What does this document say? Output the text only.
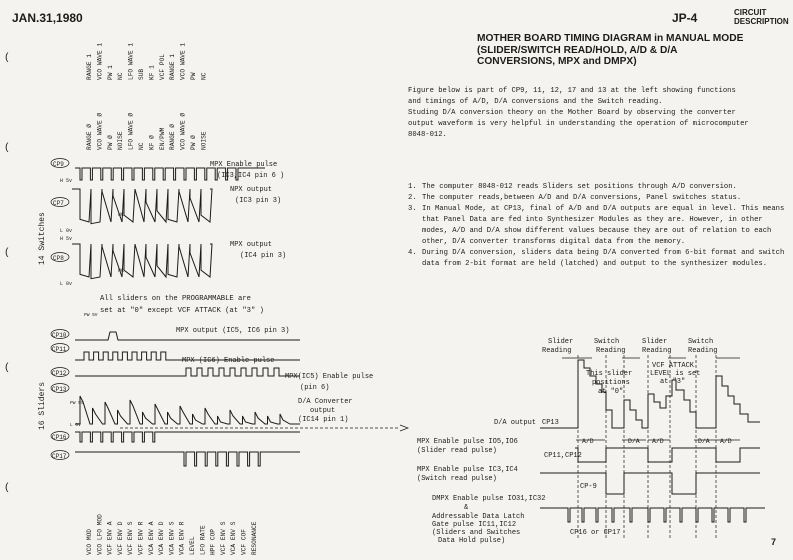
JAN.31,1980	JP-4	CIRCUIT
DESCRIPTION
7
MOTHER BOARD TIMING DIAGRAM in MANUAL MODE
(SLIDER/SWITCH READ/HOLD, A/D & D/A
CONVERSIONS, MPX and DMPX)
Figure below is part of CP9, 11, 12, 17 and 13 at the left showing functions
and timings of A/D, D/A conversions and the Switch reading.
Studing D/A conversion theory on the Mother Board by observing the converter
output waveform is very helpful in understanding the operation of microcomputer
8048-012.
1. The computer 8048-012 reads Sliders set positions through A/D conversion.
2. The computer reads,between A/D and D/A conversions, Panel switches status.
3. In Manual Mode, at CP13, final of A/D and D/A outputs are equal in level. This means that Panel Data are fed into Synthesizer Modules as they are. However, in other modes, A/D and D/A show different values because they are out of relation to each other, D/A converter transforms digital data from the memory.
4. During D/A conversion, sliders data being D/A converted from 6-bit format and switch data from 2-bit format are held (latched) and output to the synthesizer modules.
(
(
(
(
(
RANGE 1 VCO WAVE 1 PW 1 NC LFO WAVE 1 SUB KF 1 VCF POL RANGE 1 VCO WAVE 1 PW NC
RANGE Ø VCO WAVE Ø PW Ø NOISE LFO WAVE Ø NC KF Ø EN/PWM RANGE Ø VCO WAVE Ø PW Ø NOISE
VCO MOD VCO LFO MOD VCF ENV A VCF ENV D VCF ENV S VCF ENV R VCA ENV A VCA ENV D VCA ENV S VCA ENV R LEVEL LFO RATE HPF COP VCF ENV S VCA ENV S VCF COF RESONANCE
14 Switches
16 Sliders
CP9
CP7
CP8
CP10
CP11
CP12
CP13
CP16
CP17
H 5v
L 0v
H 5v
L 0v
PW 5V
PW 5V
L 0V
MPX Enable pulse
(IC3,IC4 pin 6 )
NPX output
(IC3 pin 3)
MPX output
(IC4 pin 3)
NC
NC
All sliders on the PROGRAMMABLE are
set at "0" except VCF ATTACK (at "3" )
MPX output (IC5, IC6 pin 3)
MPX (IC6) Enable pulse
MPX(IC5) Enable pulse
(pin 6)
D/A Converter
output
(IC14 pin 1)
Slider
Reading
Switch
Reading
Slider
Reading
Switch
Reading
VCF ATTACK
LEVEL is set
at "3"
This slider
positions
at "0"
D/A output CP13
A/D	D/A A/D	D/A A/D
MPX Enable pulse IO5,IO6
(Slider read pulse)
CP11,CP12
MPX Enable pulse IC3,IC4
(Switch read pulse)
CP-9
DMPX Enable pulse IO31,IC32
&
Addressable Data Latch
Gate pulse IC11,IC12
(Sliders and Switches
Data Hold pulse)
CP16 or CP17
